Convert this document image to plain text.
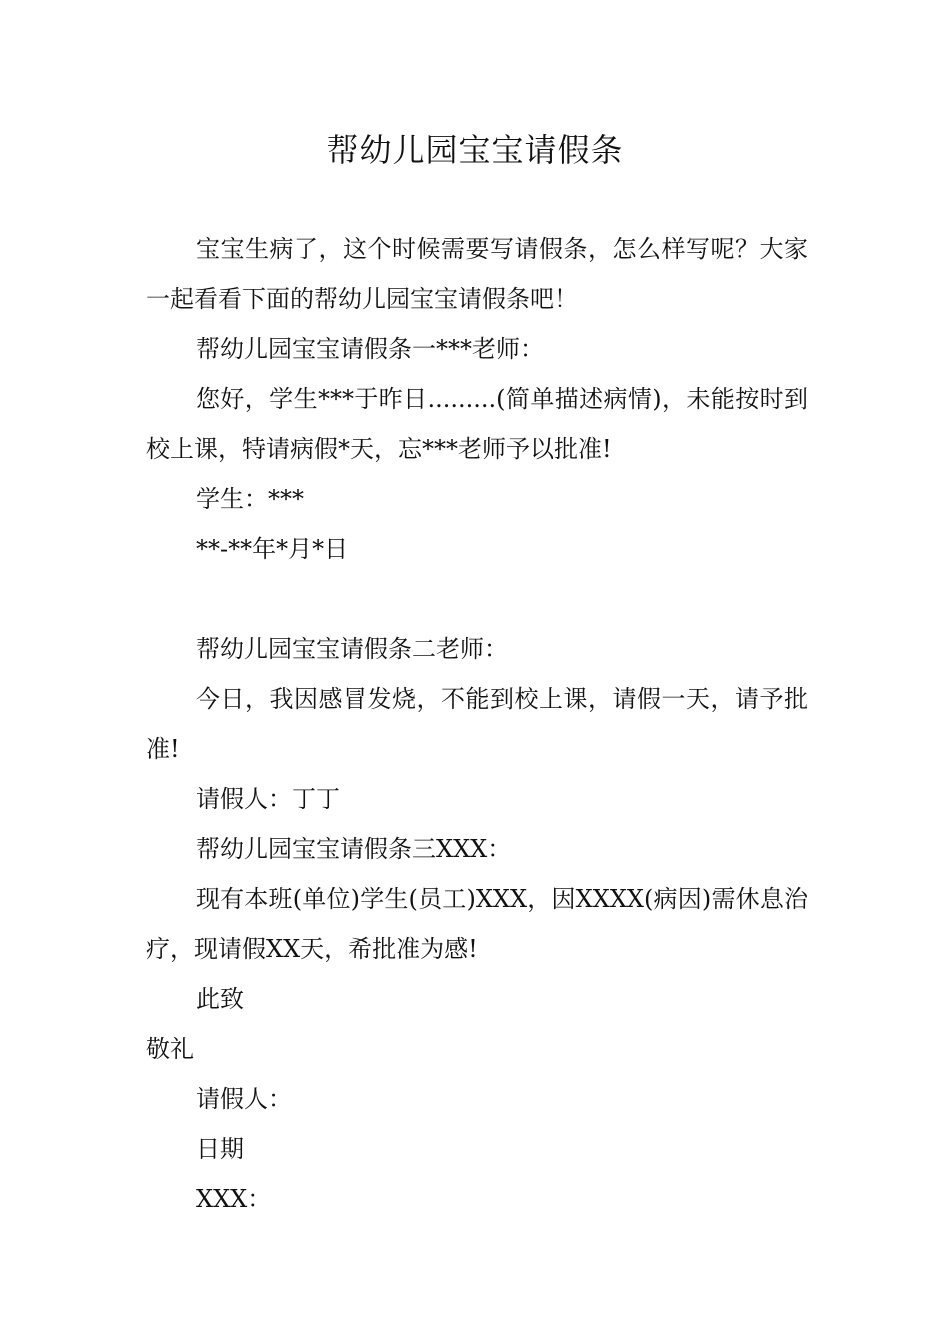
帮幼儿园宝宝请假条

宝宝生病了，这个时候需要写请假条，怎么样写呢？大家一起看看下面的帮幼儿园宝宝请假条吧！

帮幼儿园宝宝请假条一***老师：

您好，学生***于昨日.........(简单描述病情)，未能按时到校上课，特请病假*天，忘***老师予以批准!

学生：***

**-**年*月*日

帮幼儿园宝宝请假条二老师：

今日，我因感冒发烧，不能到校上课，请假一天，请予批准!

请假人：丁丁

帮幼儿园宝宝请假条三XXX：

现有本班(单位)学生(员工)XXX，因XXXX(病因)需休息治疗，现请假XX天，希批准为感!

此致

敬礼

请假人：

日期

XXX：
